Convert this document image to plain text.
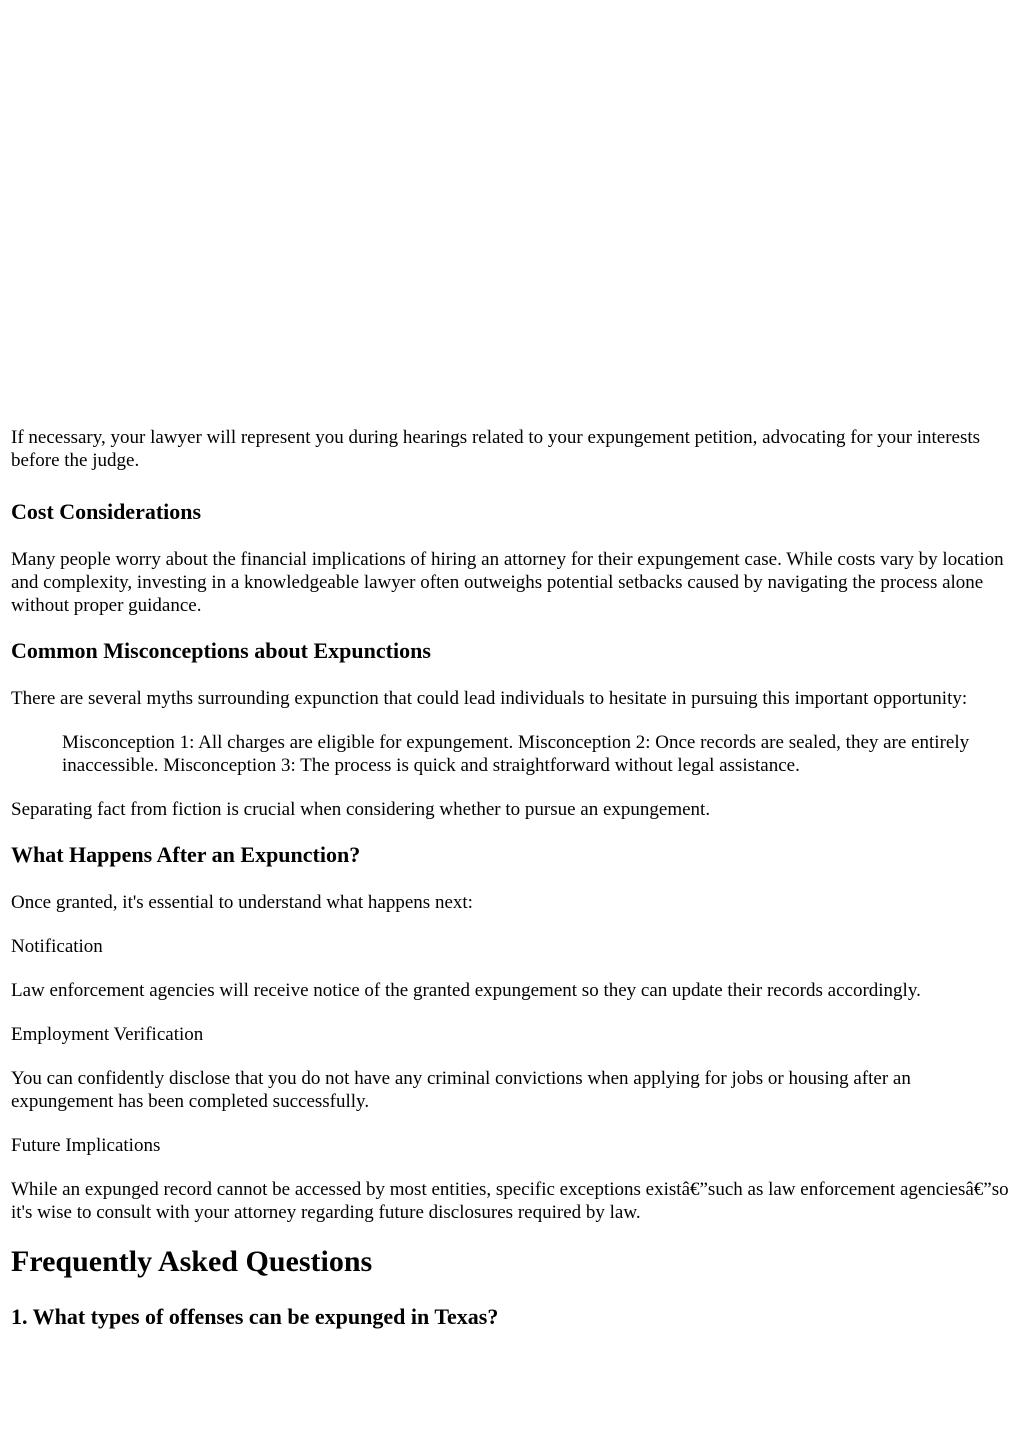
If necessary, your lawyer will represent you during hearings related to your expungement petition, advocating for your interests before the judge.

Cost Considerations

Many people worry about the financial implications of hiring an attorney for their expungement case. While costs vary by location and complexity, investing in a knowledgeable lawyer often outweighs potential setbacks caused by navigating the process alone without proper guidance.

Common Misconceptions about Expunctions

There are several myths surrounding expunction that could lead individuals to hesitate in pursuing this important opportunity:

Misconception 1: All charges are eligible for expungement. Misconception 2: Once records are sealed, they are entirely inaccessible. Misconception 3: The process is quick and straightforward without legal assistance.

Separating fact from fiction is crucial when considering whether to pursue an expungement.

What Happens After an Expunction?

Once granted, it's essential to understand what happens next:

Notification

Law enforcement agencies will receive notice of the granted expungement so they can update their records accordingly.

Employment Verification

You can confidently disclose that you do not have any criminal convictions when applying for jobs or housing after an expungement has been completed successfully.

Future Implications

While an expunged record cannot be accessed by most entities, specific exceptions existâ€”such as law enforcement agenciesâ€”so it's wise to consult with your attorney regarding future disclosures required by law.

Frequently Asked Questions
1. What types of offenses can be expunged in Texas?
